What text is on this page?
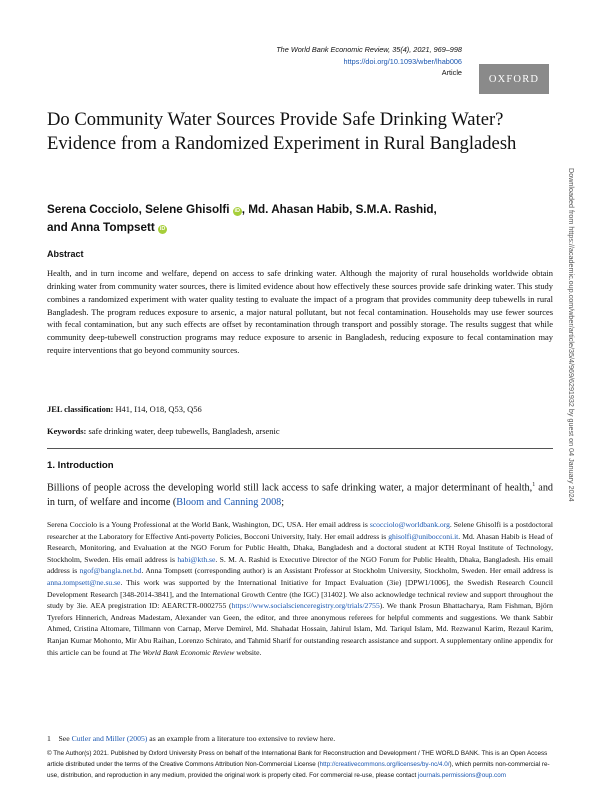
The World Bank Economic Review, 35(4), 2021, 969–998
https://doi.org/10.1093/wber/lhab006
Article
OXFORD
Do Community Water Sources Provide Safe Drinking Water? Evidence from a Randomized Experiment in Rural Bangladesh
Serena Cocciolo, Selene Ghisolfi iD , Md. Ahasan Habib, S.M.A. Rashid,
and Anna Tompsett iD
Abstract

Health, and in turn income and welfare, depend on access to safe drinking water. Although the majority of rural households worldwide obtain drinking water from community water sources, there is limited evidence about how effectively these sources provide safe drinking water. This study combines a randomized experiment with water quality testing to evaluate the impact of a program that provides community deep tubewells in rural Bangladesh. The program reduces exposure to arsenic, a major natural pollutant, but not fecal contamination. Households may use fewer sources with fecal contamination, but any such effects are offset by recontamination through transport and possibly storage. The results suggest that while community deep-tubewell construction programs may reduce exposure to arsenic in Bangladesh, reducing exposure to fecal contamination may require interventions that go beyond community sources.

JEL classification: H41, I14, O18, Q53, Q56
Keywords: safe drinking water, deep tubewells, Bangladesh, arsenic
1. Introduction

Billions of people across the developing world still lack access to safe drinking water, a major determinant of health,$^1$ and in turn, of welfare and income (Bloom and Canning 2008;

Serena Cocciolo is a Young Professional at the World Bank, Washington, DC, USA. Her email address is scocciolo@worldbank.org. Selene Ghisolfi is a postdoctoral researcher at the Laboratory for Effective Anti-poverty Policies, Bocconi University, Italy. Her email address is ghisolfi@unibocconi.it. Md. Ahasan Habib is Head of Research, Monitoring, and Evaluation at the NGO Forum for Public Health, Dhaka, Bangladesh and a doctoral student at KTH Royal Institute of Technology, Stockholm, Sweden. His email address is habi@kth.se. S. M. A. Rashid is Executive Director of the NGO Forum for Public Health, Dhaka, Bangladesh. His email address is ngof@bangla.net.bd. Anna Tompsett (corresponding author) is an Assistant Professor at Stockholm University, Stockholm, Sweden. Her email address is anna.tompsett@ne.su.se. This work was supported by the International Initiative for Impact Evaluation (3ie) [DPW1/1006], the Swedish Research Council Development Research [348-2014-3841], and the International Growth Centre (the IGC) [31402]. We also acknowledge technical review and support throughout the study by 3ie. AEA pregistration ID: AEARCTR-0002755 (https://www.socialscienceregistry.org/trials/2755). We thank Prosun Bhattacharya, Ram Fishman, Björn Tyrefors Hinnerich, Andreas Madestam, Alexander van Geen, the editor, and three anonymous referees for helpful comments and suggestions. We thank Sabbir Ahmed, Cristina Altomare, Tillmann von Carnap, Merve Demirel, Md. Shahadat Hossain, Jahirul Islam, Md. Tariqul Islam, Md. Rezwanul Karim, Rezaul Karim, Ranjan Kumar Mohonto, Mir Abu Raihan, Lorenzo Schirato, and Tahmid Sharif for outstanding research assistance and support. A supplementary online appendix for this article can be found at The World Bank Economic Review website.

1    See Cutler and Miller (2005) as an example from a literature too extensive to review here.

© The Author(s) 2021. Published by Oxford University Press on behalf of the International Bank for Reconstruction and Development / THE WORLD BANK. This is an Open Access article distributed under the terms of the Creative Commons Attribution Non-Commercial License (http://creativecommons.org/licenses/by-nc/4.0/), which permits non-commercial re-use, distribution, and reproduction in any medium, provided the original work is properly cited. For commercial re-use, please contact journals.permissions@oup.com

Downloaded from https://academic.oup.com/wber/article/35/4/969/6291932 by guest on 04 January 2024
